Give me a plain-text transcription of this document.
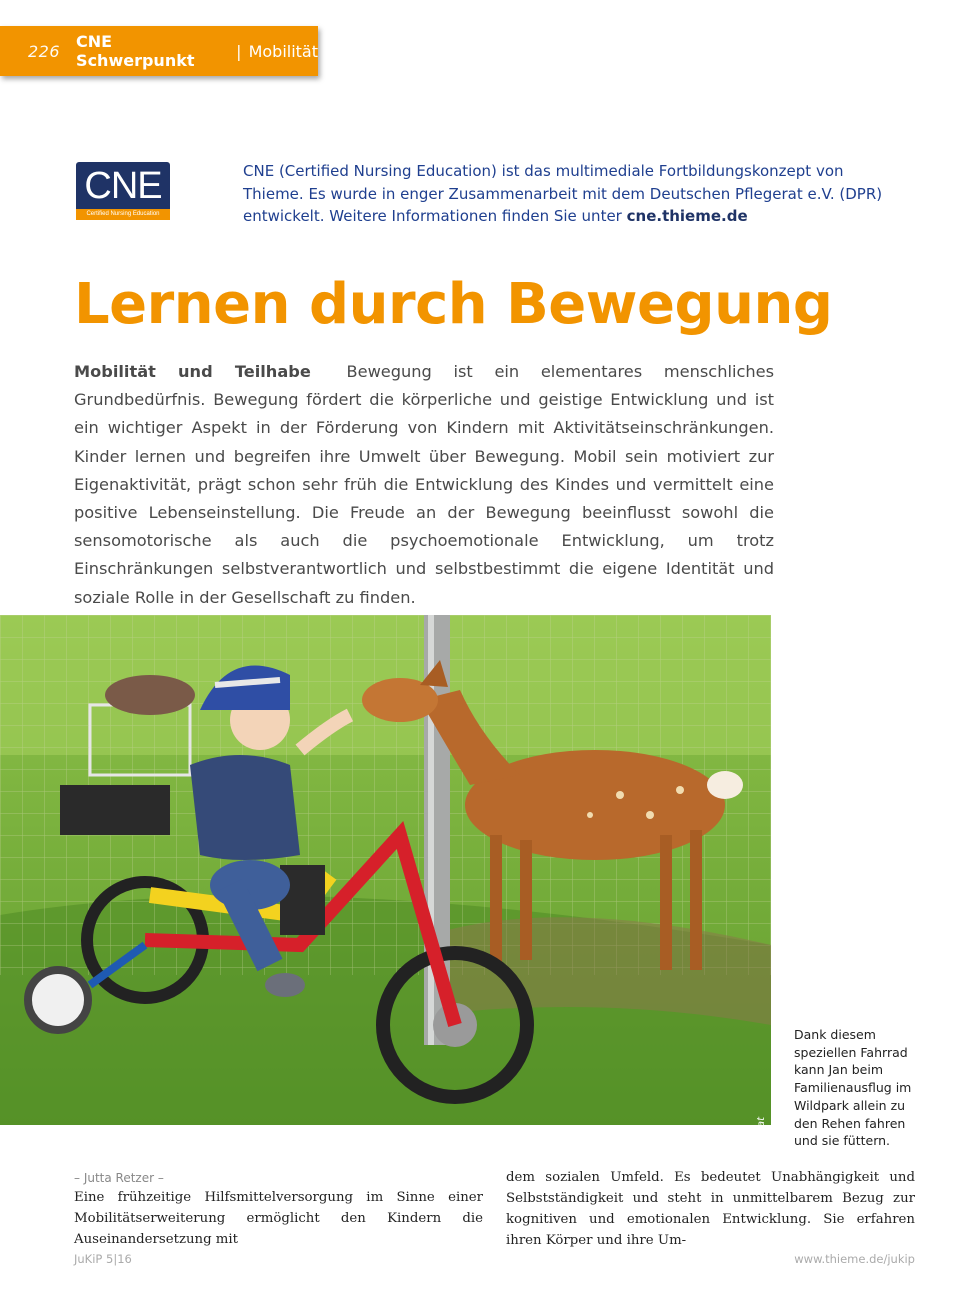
226 CNE Schwerpunkt	| Mobilität
CNE
Certified Nursing Education
CNE (Certified Nursing Education) ist das multimediale Fortbildungskonzept von Thieme. Es wurde in enger Zusammenarbeit mit dem Deutschen Pflegerat e.V. (DPR) entwickelt. Weitere Informationen finden Sie unter cne.thieme.de
Lernen durch Bewegung

Mobilität und Teilhabe Bewegung ist ein elementares menschliches Grundbedürfnis. Bewegung fördert die körperliche und geistige Entwicklung und ist ein wichtiger Aspekt in der Förderung von Kindern mit Aktivitätseinschränkungen. Kinder lernen und begreifen ihre Umwelt über Bewegung. Mobil sein motiviert zur Eigenaktivität, prägt schon sehr früh die Entwicklung des Kindes und vermittelt eine positive Lebenseinstellung. Die Freude an der Bewegung beeinflusst sowohl die sensomotorische als auch die psychoemotionale Entwicklung, um trotz Einschränkungen selbstverantwortlich und selbstbestimmt die eigene Identität und soziale Rolle in der Gesellschaft zu finden.

privat

Dank diesem speziellen Fahrrad kann Jan beim Familienausflug im Wildpark allein zu den Rehen fahren und sie füttern.

– Jutta Retzer –

Eine frühzeitige Hilfsmittelversorgung im Sinne einer Mobilitätserweiterung ermöglicht den Kindern die Auseinandersetzung mit

dem sozialen Umfeld. Es bedeutet Unabhängigkeit und Selbstständigkeit und steht in unmittelbarem Bezug zur kognitiven und emotionalen Entwicklung. Sie erfahren ihren Körper und ihre Um-

JuKiP 5|16	www.thieme.de/jukip
